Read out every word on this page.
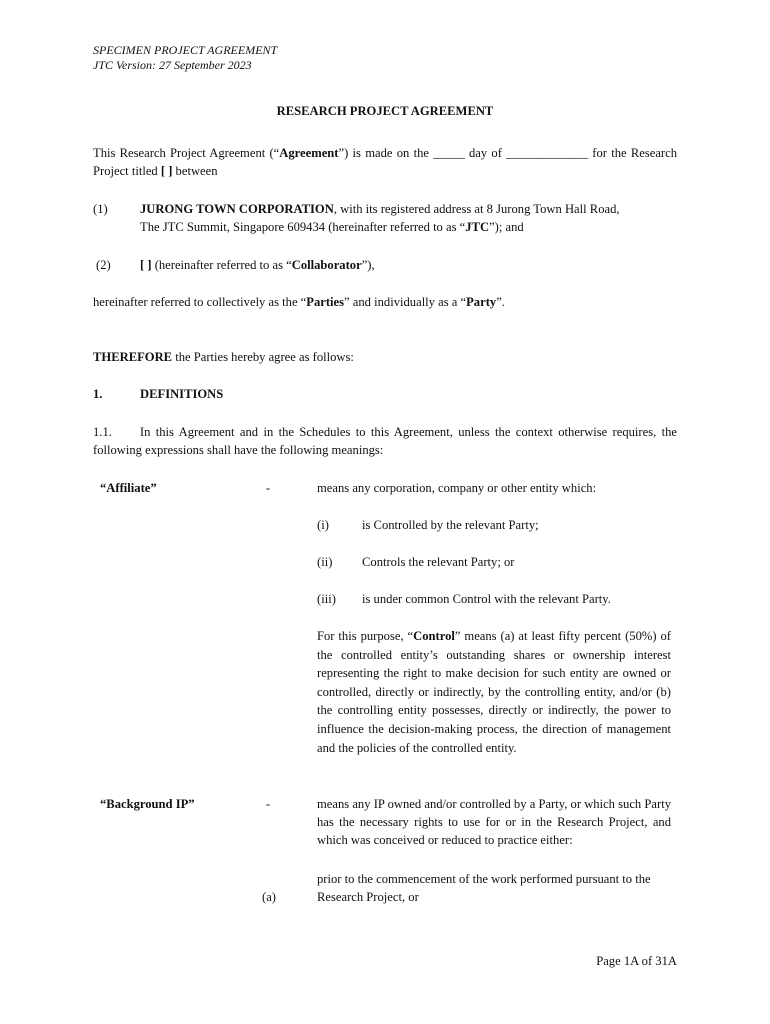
SPECIMEN PROJECT AGREEMENT
JTC Version: 27 September 2023
RESEARCH PROJECT AGREEMENT
This Research Project Agreement (“Agreement”) is made on the _____ day of _____________ for the Research Project titled [ ] between
(1)	JURONG TOWN CORPORATION, with its registered address at 8 Jurong Town Hall Road,
The JTC Summit, Singapore 609434 (hereinafter referred to as “JTC”); and
(2) [ ] (hereinafter referred to as “Collaborator”),
hereinafter referred to collectively as the “Parties” and individually as a “Party”.
THEREFORE the Parties hereby agree as follows:
1.	DEFINITIONS
1.1. In this Agreement and in the Schedules to this Agreement, unless the context otherwise requires, the following expressions shall have the following meanings:
“Affiliate”	-	means any corporation, company or other entity which:
(i)	is Controlled by the relevant Party;
(ii) Controls the relevant Party; or
(iii) is under common Control with the relevant Party.
For this purpose, “Control” means (a) at least fifty percent (50%) of the controlled entity’s outstanding shares or ownership interest representing the right to make decision for such entity are owned or controlled, directly or indirectly, by the controlling entity, and/or (b) the controlling entity possesses, directly or indirectly, the power to influence the decision-making process, the direction of management and the policies of the controlled entity.
“Background IP”	-	means any IP owned and/or controlled by a Party, or which such Party has the necessary rights to use for or in the Research Project, and which was conceived or reduced to practice either:
(a)
prior to the commencement of the work performed pursuant to the Research Project, or
Page 1A of 31A
